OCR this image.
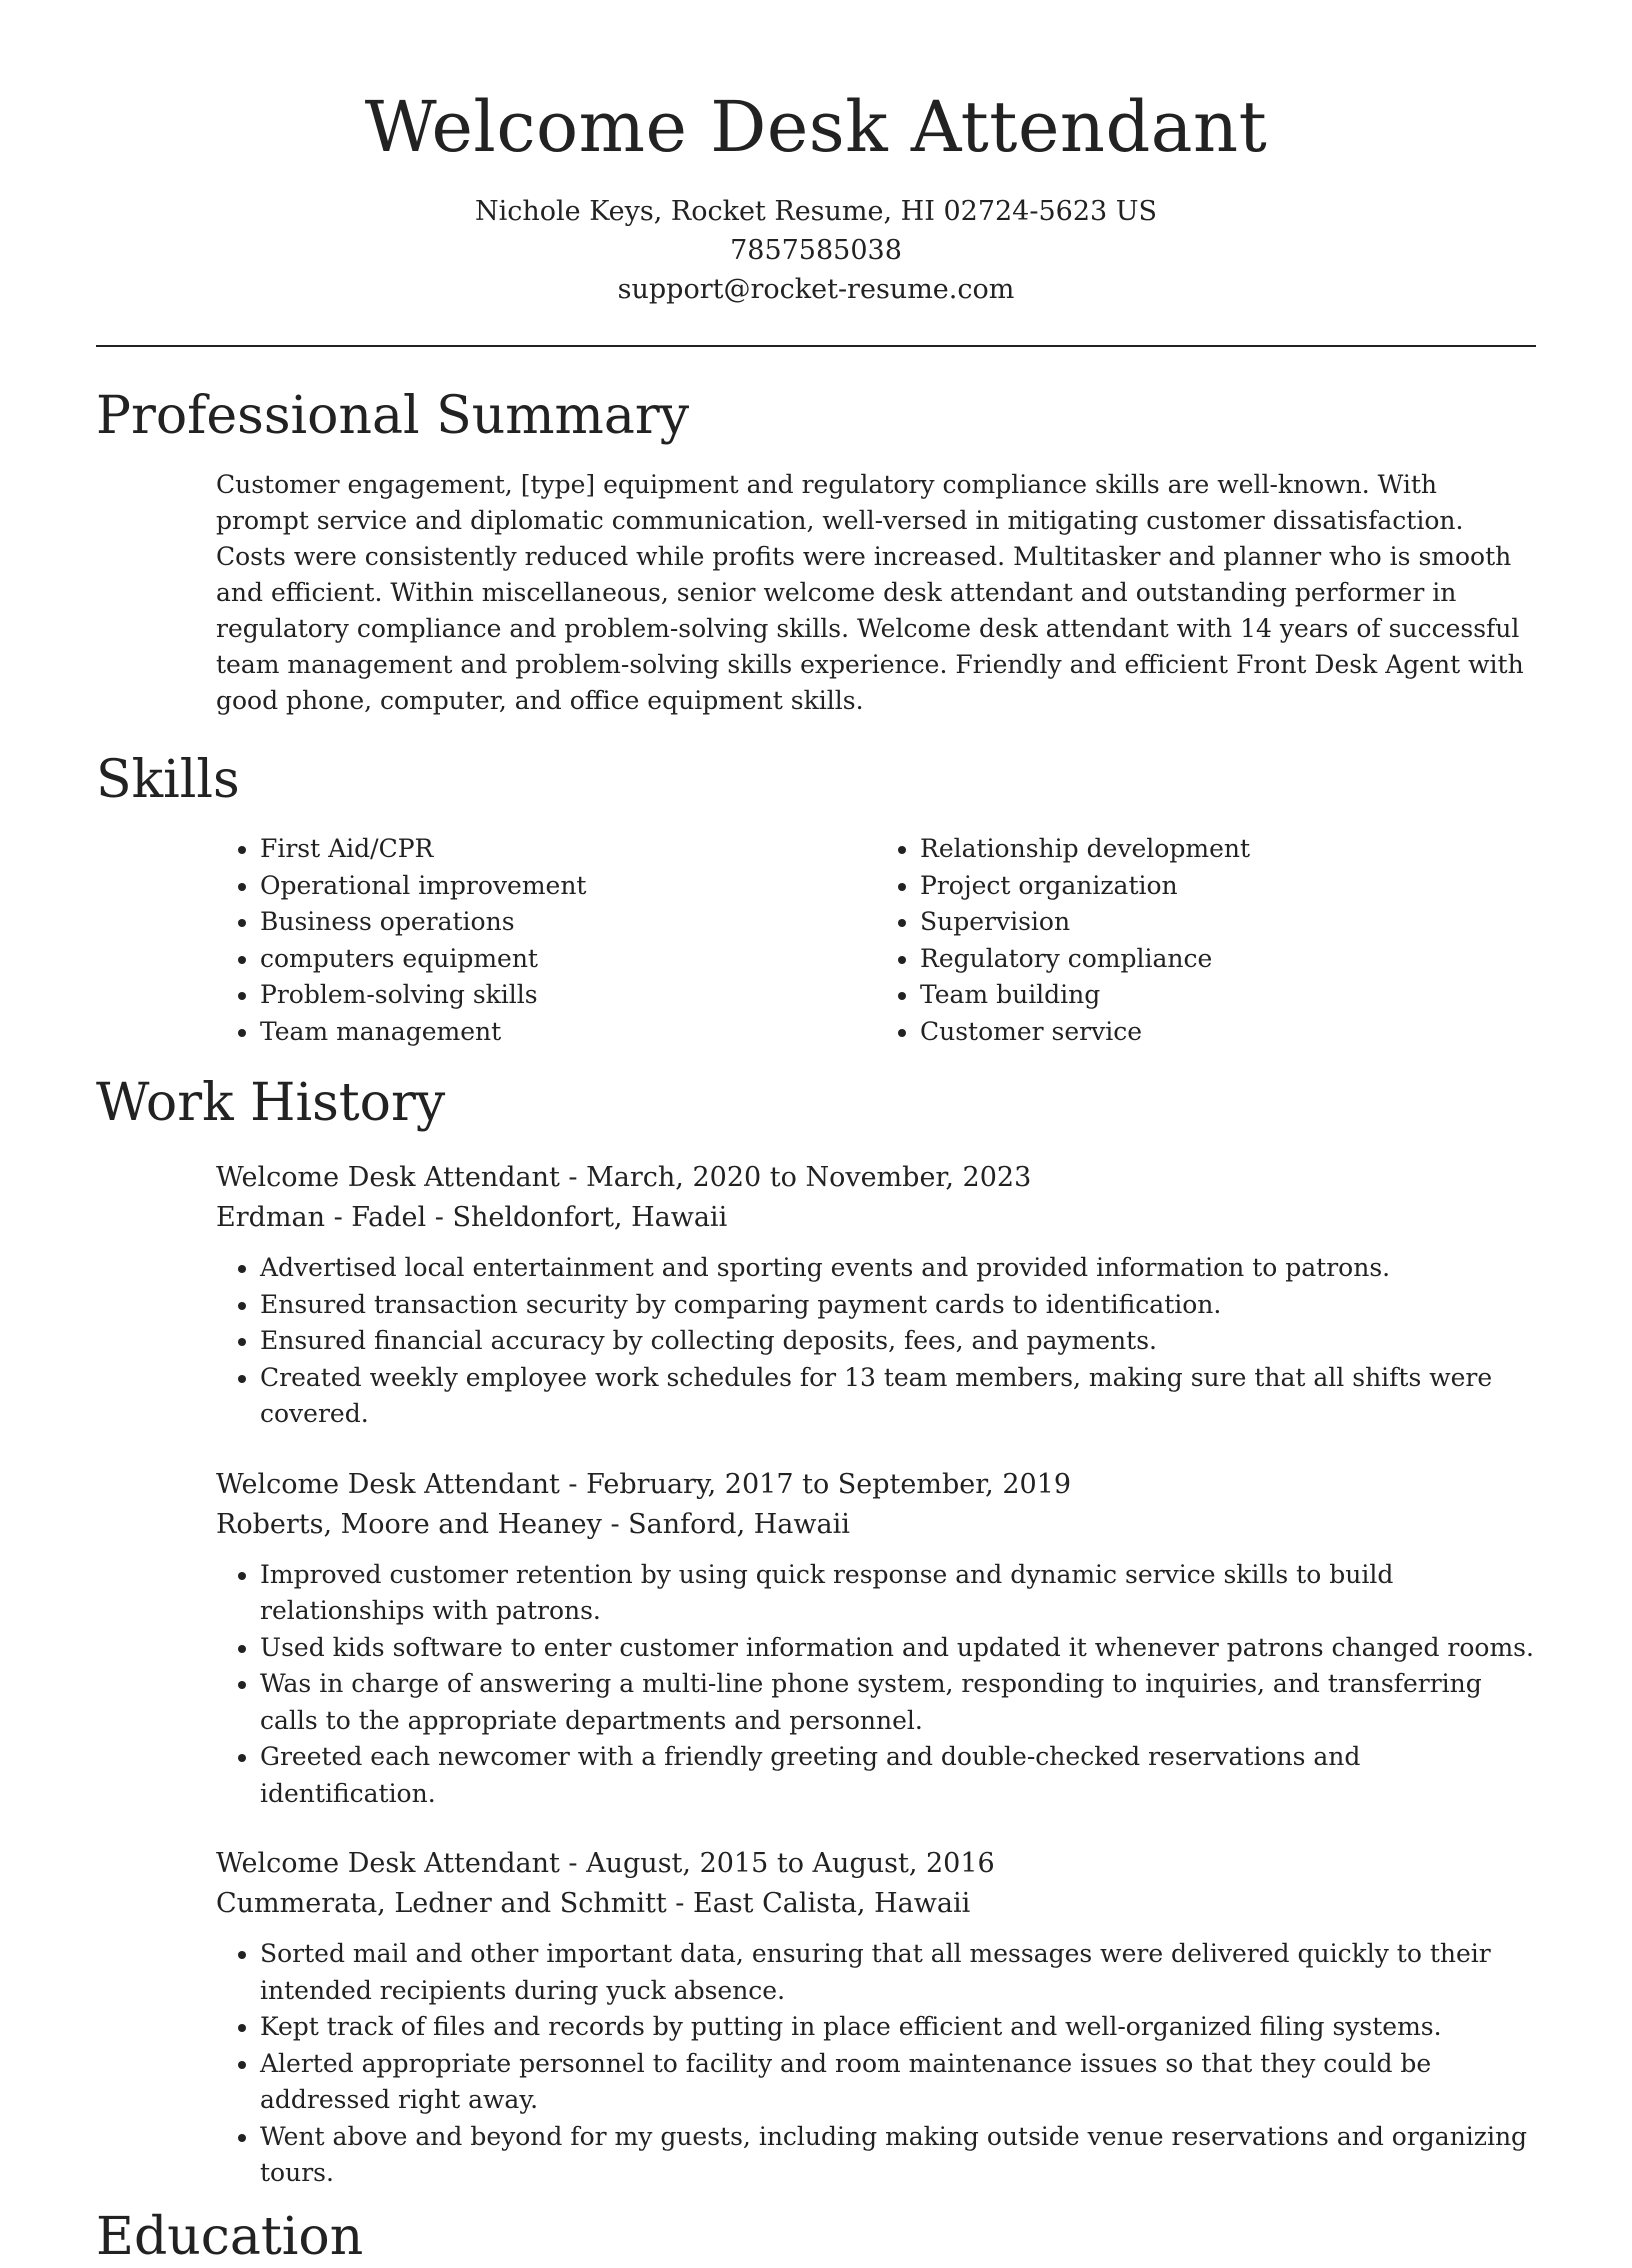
Welcome Desk Attendant
Nichole Keys, Rocket Resume, HI 02724-5623 US
7857585038
support@rocket-resume.com
Professional Summary
Customer engagement, [type] equipment and regulatory compliance skills are well-known. With prompt service and diplomatic communication, well-versed in mitigating customer dissatisfaction. Costs were consistently reduced while profits were increased. Multitasker and planner who is smooth and efficient. Within miscellaneous, senior welcome desk attendant and outstanding performer in regulatory compliance and problem-solving skills. Welcome desk attendant with 14 years of successful team management and problem-solving skills experience. Friendly and efficient Front Desk Agent with good phone, computer, and office equipment skills.
Skills
• First Aid/CPR
• Operational improvement
• Business operations
• computers equipment
• Problem-solving skills
• Team management
• Relationship development
• Project organization
• Supervision
• Regulatory compliance
• Team building
• Customer service
Work History
Welcome Desk Attendant - March, 2020 to November, 2023
Erdman - Fadel - Sheldonfort, Hawaii
• Advertised local entertainment and sporting events and provided information to patrons.
• Ensured transaction security by comparing payment cards to identification.
• Ensured financial accuracy by collecting deposits, fees, and payments.
• Created weekly employee work schedules for 13 team members, making sure that all shifts were covered.
Welcome Desk Attendant - February, 2017 to September, 2019
Roberts, Moore and Heaney - Sanford, Hawaii
• Improved customer retention by using quick response and dynamic service skills to build relationships with patrons.
• Used kids software to enter customer information and updated it whenever patrons changed rooms.
• Was in charge of answering a multi-line phone system, responding to inquiries, and transferring calls to the appropriate departments and personnel.
• Greeted each newcomer with a friendly greeting and double-checked reservations and identification.
Welcome Desk Attendant - August, 2015 to August, 2016
Cummerata, Ledner and Schmitt - East Calista, Hawaii
• Sorted mail and other important data, ensuring that all messages were delivered quickly to their intended recipients during yuck absence.
• Kept track of files and records by putting in place efficient and well-organized filing systems.
• Alerted appropriate personnel to facility and room maintenance issues so that they could be addressed right away.
• Went above and beyond for my guests, including making outside venue reservations and organizing tours.
Education
